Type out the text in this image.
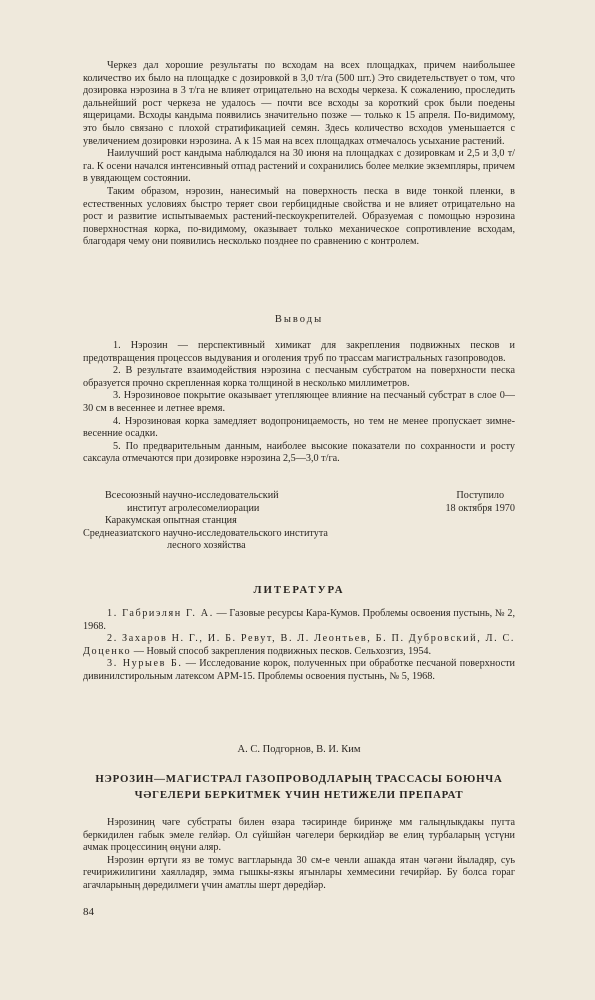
Черкез дал хорошие результаты по всходам на всех площадках, причем наибольшее количество их было на площадке с дозировкой в 3,0 т/га (500 шт.) Это свидетельствует о том, что дозировка нэрозина в 3 т/га не влияет отрицательно на всходы черкеза. К сожалению, проследить дальнейший рост черкеза не удалось — почти все всходы за короткий срок были поедены ящерицами. Всходы кандыма появились значительно позже — только к 15 апреля. По-видимому, это было связано с плохой стратификацией семян. Здесь количество всходов уменьшается с увеличением дозировки нэрозина. А к 15 мая на всех площадках отмечалось усыхание растений.

Наилучший рост кандыма наблюдался на 30 июня на площадках с дозировкам и 2,5 и 3,0 т/га. К осени начался интенсивный отпад растений и сохранились более мелкие экземпляры, причем в увядающем состоянии.

Таким образом, нэрозин, нанесимый на поверхность песка в виде тонкой пленки, в естественных условиях быстро теряет свои гербицидные свойства и не влияет отрицательно на рост и развитие испытываемых растений-пескоукрепителей. Образуемая с помощью нэрозина поверхностная корка, по-видимому, оказывает только механическое сопротивление всходам, благодаря чему они появились несколько позднее по сравнению с контролем.

Выводы

1. Нэрозин — перспективный химикат для закрепления подвижных песков и предотвращения процессов выдувания и оголения труб по трассам магистральных газопроводов.

2. В результате взаимодействия нэрозина с песчаным субстратом на поверхности песка образуется прочно скрепленная корка толщиной в несколько миллиметров.

3. Нэрозиновое покрытие оказывает утепляющее влияние на песчаный субстрат в слое 0—30 см в весеннее и летнее время.

4. Нэрозиновая корка замедляет водопроницаемость, но тем не менее пропускает зимне-весенние осадки.

5. По предварительным данным, наиболее высокие показатели по сохранности и росту саксаула отмечаются при дозировке нэрозина 2,5—3,0 т/га.

Всесоюзный научно-исследовательский
институт агролесомелиорации
Каракумская опытная станция
Среднеазиатского научно-исследовательского института
лесного хозяйства
Поступило
18 октября 1970
ЛИТЕРАТУРА

1. Габриэлян Г. А. — Газовые ресурсы Кара-Кумов. Проблемы освоения пустынь, № 2, 1968.

2. Захаров Н. Г., И. Б. Ревут, В. Л. Леонтьев, Б. П. Дубровский, Л. С. Доценко — Новый способ закрепления подвижных песков. Сельхозгиз, 1954.

3. Нурыев Б. — Исследование корок, полученных при обработке песчаной поверхности дивинилстирольным латексом АРМ-15. Проблемы освоения пустынь, № 5, 1968.

А. С. Подгорнов, В. И. Ким
НЭРОЗИН—МАГИСТРАЛ ГАЗОПРОВОДЛАРЫҢ ТРАССАСЫ БОЮНЧА
ЧӘГЕЛЕРИ БЕРКИТМЕК ҮЧИН НЕТИЖЕЛИ ПРЕПАРАТ

Нэрозиниң чәге субстраты билен өзара тәсиринде биринҗе мм галыңлыкдакы пугта беркидилен габык эмеле гелйәр. Ол сүйшйән чәгелери беркидйәр ве елиң турбаларың үстүни ачмак процессиниң өңүни аляр.

Нэрозин өртүги яз ве томус вагтларында 30 см-е ченли ашакда ятан чәгәни йыладяр, суь гечирижилигини хаялладяр, эмма гышкы-язкы ягынлары хеммесини гечирйәр. Бу болса гораг агачларының дөредилмеги үчин аматлы шерт дөредйәр.

84
